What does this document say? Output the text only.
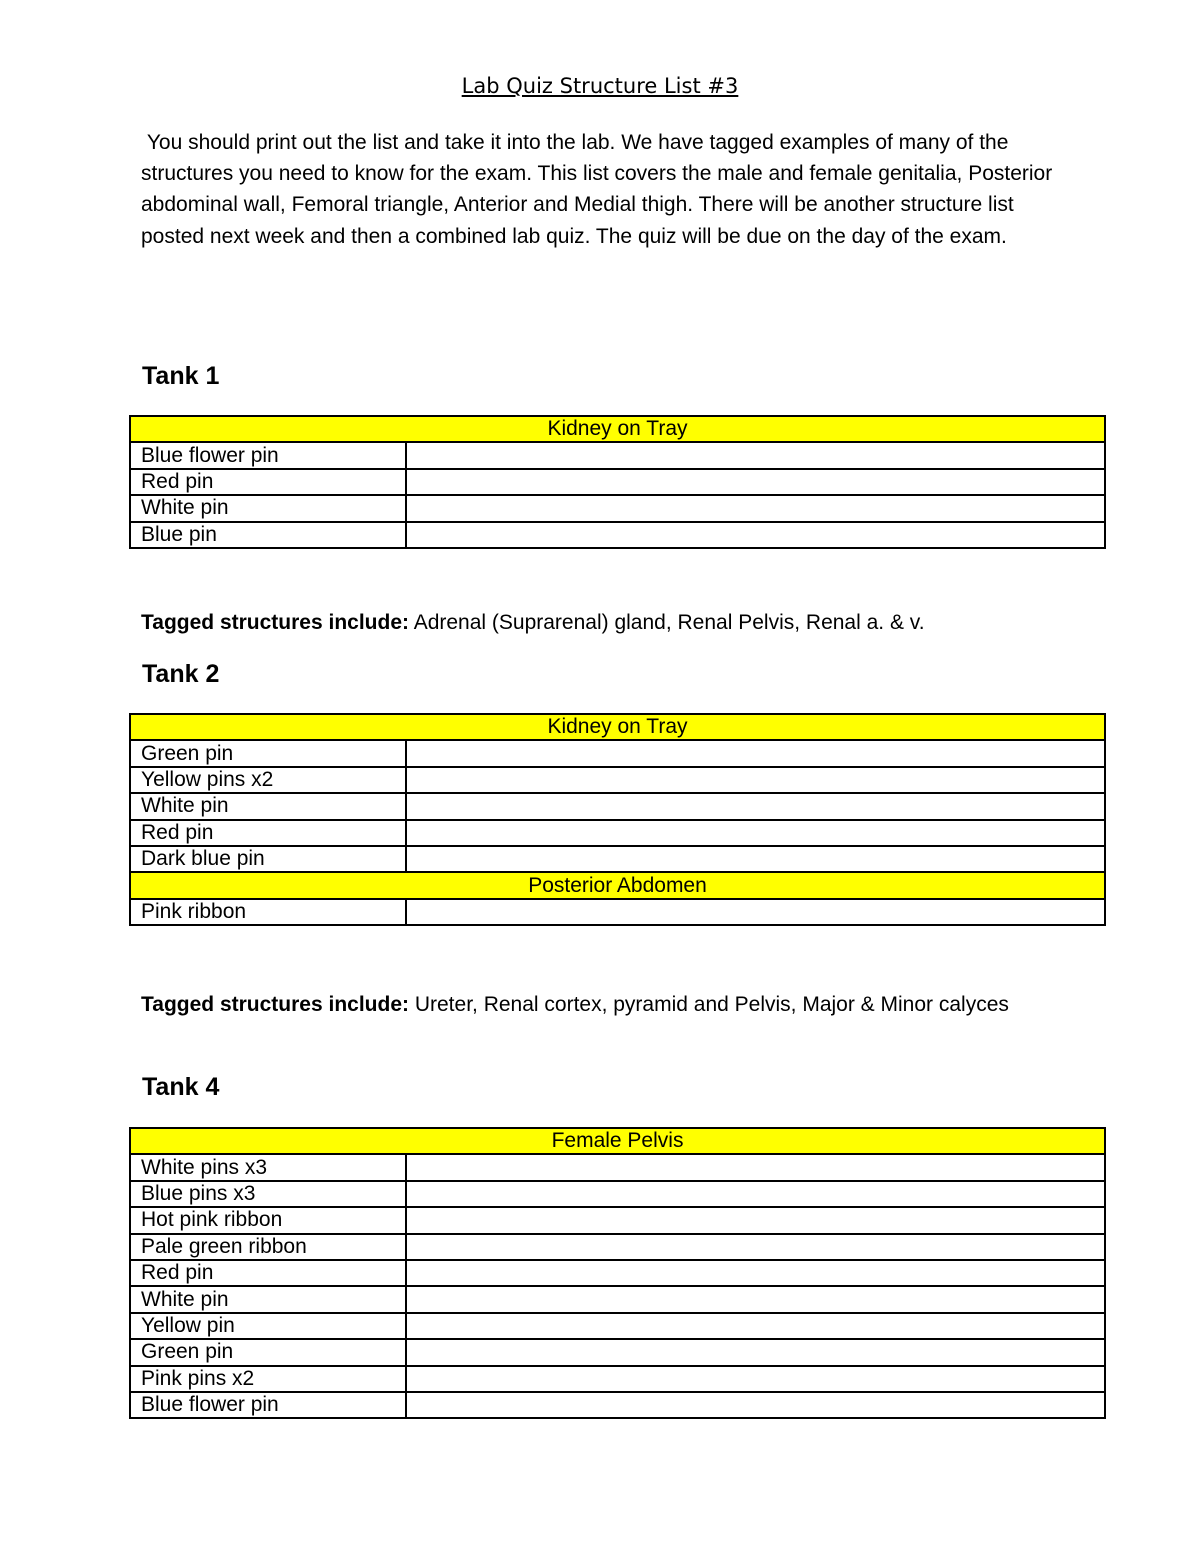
Lab Quiz Structure List #3
You should print out the list and take it into the lab. We have tagged examples of many of the structures you need to know for the exam. This list covers the male and female genitalia, Posterior abdominal wall, Femoral triangle, Anterior and Medial thigh. There will be another structure list posted next week and then a combined lab quiz. The quiz will be due on the day of the exam.
Tank 1
Kidney on Tray	
Blue flower pin	
Red pin	
White pin	
Blue pin	
Tagged structures include: Adrenal (Suprarenal) gland, Renal Pelvis, Renal a. & v.
Tank 2
Kidney on Tray	
Green pin	
Yellow pins x2	
White pin	
Red pin	
Dark blue pin	
Posterior Abdomen	
Pink ribbon	
Tagged structures include: Ureter, Renal cortex, pyramid and Pelvis, Major & Minor calyces
Tank 4
Female Pelvis	
White pins x3	
Blue pins x3	
Hot pink ribbon	
Pale green ribbon	
Red pin	
White pin	
Yellow pin	
Green pin	
Pink pins x2	
Blue flower pin	
